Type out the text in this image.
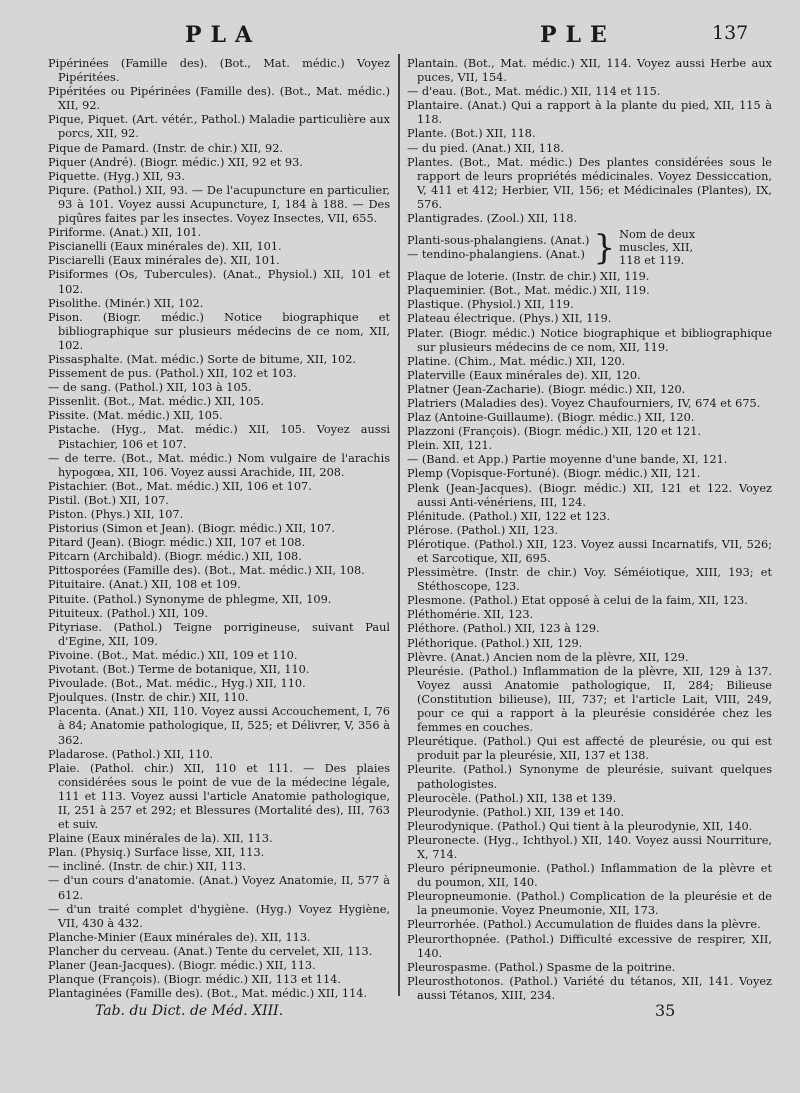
PLA	PLE	137

Pipérinées (Famille des). (Bot., Mat. médic.) Voyez Pipéritées.

Pipéritées ou Pipérinées (Famille des). (Bot., Mat. médic.) XII, 92.

Pique, Piquet. (Art. vétér., Pathol.) Maladie particulière aux porcs, XII, 92.

Pique de Pamard. (Instr. de chir.) XII, 92.

Piquer (André). (Biogr. médic.) XII, 92 et 93.

Piquette. (Hyg.) XII, 93.

Piqure. (Pathol.) XII, 93. — De l'acupuncture en particulier, 93 à 101. Voyez aussi Acupuncture, I, 184 à 188. — Des piqûres faites par les insectes. Voyez Insectes, VII, 655.

Piriforme. (Anat.) XII, 101.

Piscianelli (Eaux minérales de). XII, 101.

Pisciarelli (Eaux minérales de). XII, 101.

Pisiformes (Os, Tubercules). (Anat., Physiol.) XII, 101 et 102.

Pisolithe. (Minér.) XII, 102.

Pison. (Biogr. médic.) Notice biographique et bibliographique sur plusieurs médecins de ce nom, XII, 102.

Pissasphalte. (Mat. médic.) Sorte de bitume, XII, 102.

Pissement de pus. (Pathol.) XII, 102 et 103.

— de sang. (Pathol.) XII, 103 à 105.

Pissenlit. (Bot., Mat. médic.) XII, 105.

Pissite. (Mat. médic.) XII, 105.

Pistache. (Hyg., Mat. médic.) XII, 105. Voyez aussi Pistachier, 106 et 107.

— de terre. (Bot., Mat. médic.) Nom vulgaire de l'arachis hypogœa, XII, 106. Voyez aussi Arachide, III, 208.

Pistachier. (Bot., Mat. médic.) XII, 106 et 107.

Pistil. (Bot.) XII, 107.

Piston. (Phys.) XII, 107.

Pistorius (Simon et Jean). (Biogr. médic.) XII, 107.

Pitard (Jean). (Biogr. médic.) XII, 107 et 108.

Pitcarn (Archibald). (Biogr. médic.) XII, 108.

Pittosporées (Famille des). (Bot., Mat. médic.) XII, 108.

Pituitaire. (Anat.) XII, 108 et 109.

Pituite. (Pathol.) Synonyme de phlegme, XII, 109.

Pituiteux. (Pathol.) XII, 109.

Pityriase. (Pathol.) Teigne porrigineuse, suivant Paul d'Egine, XII, 109.

Pivoine. (Bot., Mat. médic.) XII, 109 et 110.

Pivotant. (Bot.) Terme de botanique, XII, 110.

Pivoulade. (Bot., Mat. médic., Hyg.) XII, 110.

Pjoulques. (Instr. de chir.) XII, 110.

Placenta. (Anat.) XII, 110. Voyez aussi Accouchement, I, 76 à 84; Anatomie pathologique, II, 525; et Délivrer, V, 356 à 362.

Pladarose. (Pathol.) XII, 110.

Plaie. (Pathol. chir.) XII, 110 et 111. — Des plaies considérées sous le point de vue de la médecine légale, 111 et 113. Voyez aussi l'article Anatomie pathologique, II, 251 à 257 et 292; et Blessures (Mortalité des), III, 763 et suiv.

Plaine (Eaux minérales de la). XII, 113.

Plan. (Physiq.) Surface lisse, XII, 113.

— incliné. (Instr. de chir.) XII, 113.

— d'un cours d'anatomie. (Anat.) Voyez Anatomie, II, 577 à 612.

— d'un traité complet d'hygiène. (Hyg.) Voyez Hygiène, VII, 430 à 432.

Planche-Minier (Eaux minérales de). XII, 113.

Plancher du cerveau. (Anat.) Tente du cervelet, XII, 113.

Planer (Jean-Jacques). (Biogr. médic.) XII, 113.

Planque (François). (Biogr. médic.) XII, 113 et 114.

Plantaginées (Famille des). (Bot., Mat. médic.) XII, 114.

Plantain. (Bot., Mat. médic.) XII, 114. Voyez aussi Herbe aux puces, VII, 154.

— d'eau. (Bot., Mat. médic.) XII, 114 et 115.

Plantaire. (Anat.) Qui a rapport à la plante du pied, XII, 115 à 118.

Plante. (Bot.) XII, 118.

— du pied. (Anat.) XII, 118.

Plantes. (Bot., Mat. médic.) Des plantes considérées sous le rapport de leurs propriétés médicinales. Voyez Dessiccation, V, 411 et 412; Herbier, VII, 156; et Médicinales (Plantes), IX, 576.

Plantigrades. (Zool.) XII, 118.

Planti-sous-phalangiens. (Anat.)

— tendino-phalangiens. (Anat.) } Nom de deux muscles, XII, 118 et 119.

Plaque de loterie. (Instr. de chir.) XII, 119.

Plaqueminier. (Bot., Mat. médic.) XII, 119.

Plastique. (Physiol.) XII, 119.

Plateau électrique. (Phys.) XII, 119.

Plater. (Biogr. médic.) Notice biographique et bibliographique sur plusieurs médecins de ce nom, XII, 119.

Platine. (Chim., Mat. médic.) XII, 120.

Platerville (Eaux minérales de). XII, 120.

Platner (Jean-Zacharie). (Biogr. médic.) XII, 120.

Platriers (Maladies des). Voyez Chaufourniers, IV, 674 et 675.

Plaz (Antoine-Guillaume). (Biogr. médic.) XII, 120.

Plazzoni (François). (Biogr. médic.) XII, 120 et 121.

Plein. XII, 121.

— (Band. et App.) Partie moyenne d'une bande, XI, 121.

Plemp (Vopisque-Fortuné). (Biogr. médic.) XII, 121.

Plenk (Jean-Jacques). (Biogr. médic.) XII, 121 et 122. Voyez aussi Anti-vénériens, III, 124.

Plénitude. (Pathol.) XII, 122 et 123.

Plérose. (Pathol.) XII, 123.

Plérotique. (Pathol.) XII, 123. Voyez aussi Incarnatifs, VII, 526; et Sarcotique, XII, 695.

Plessimètre. (Instr. de chir.) Voy. Séméiotique, XIII, 193; et Stéthoscope, 123.

Plesmone. (Pathol.) Etat opposé à celui de la faim, XII, 123.

Pléthomérie. XII, 123.

Pléthore. (Pathol.) XII, 123 à 129.

Pléthorique. (Pathol.) XII, 129.

Plèvre. (Anat.) Ancien nom de la plèvre, XII, 129.

Pleurésie. (Pathol.) Inflammation de la plèvre, XII, 129 à 137. Voyez aussi Anatomie pathologique, II, 284; Bilieuse (Constitution bilieuse), III, 737; et l'article Lait, VIII, 249, pour ce qui a rapport à la pleurésie considérée chez les femmes en couches.

Pleurétique. (Pathol.) Qui est affecté de pleurésie, ou qui est produit par la pleurésie, XII, 137 et 138.

Pleurite. (Pathol.) Synonyme de pleurésie, suivant quelques pathologistes.

Pleurocèle. (Pathol.) XII, 138 et 139.

Pleurodynie. (Pathol.) XII, 139 et 140.

Pleurodynique. (Pathol.) Qui tient à la pleurodynie, XII, 140.

Pleuronecte. (Hyg., Ichthyol.) XII, 140. Voyez aussi Nourriture, X, 714.

Pleuro péripneumonie. (Pathol.) Inflammation de la plèvre et du poumon, XII, 140.

Pleuropneumonie. (Pathol.) Complication de la pleurésie et de la pneumonie. Voyez Pneumonie, XII, 173.

Pleurrorhée. (Pathol.) Accumulation de fluides dans la plèvre.

Pleurorthopnée. (Pathol.) Difficulté excessive de respirer, XII, 140.

Pleurospasme. (Pathol.) Spasme de la poitrine.

Pleurosthotonos. (Pathol.) Variété du tétanos, XII, 141. Voyez aussi Tétanos, XIII, 234.

Tab. du Dict. de Méd. XIII.	35
